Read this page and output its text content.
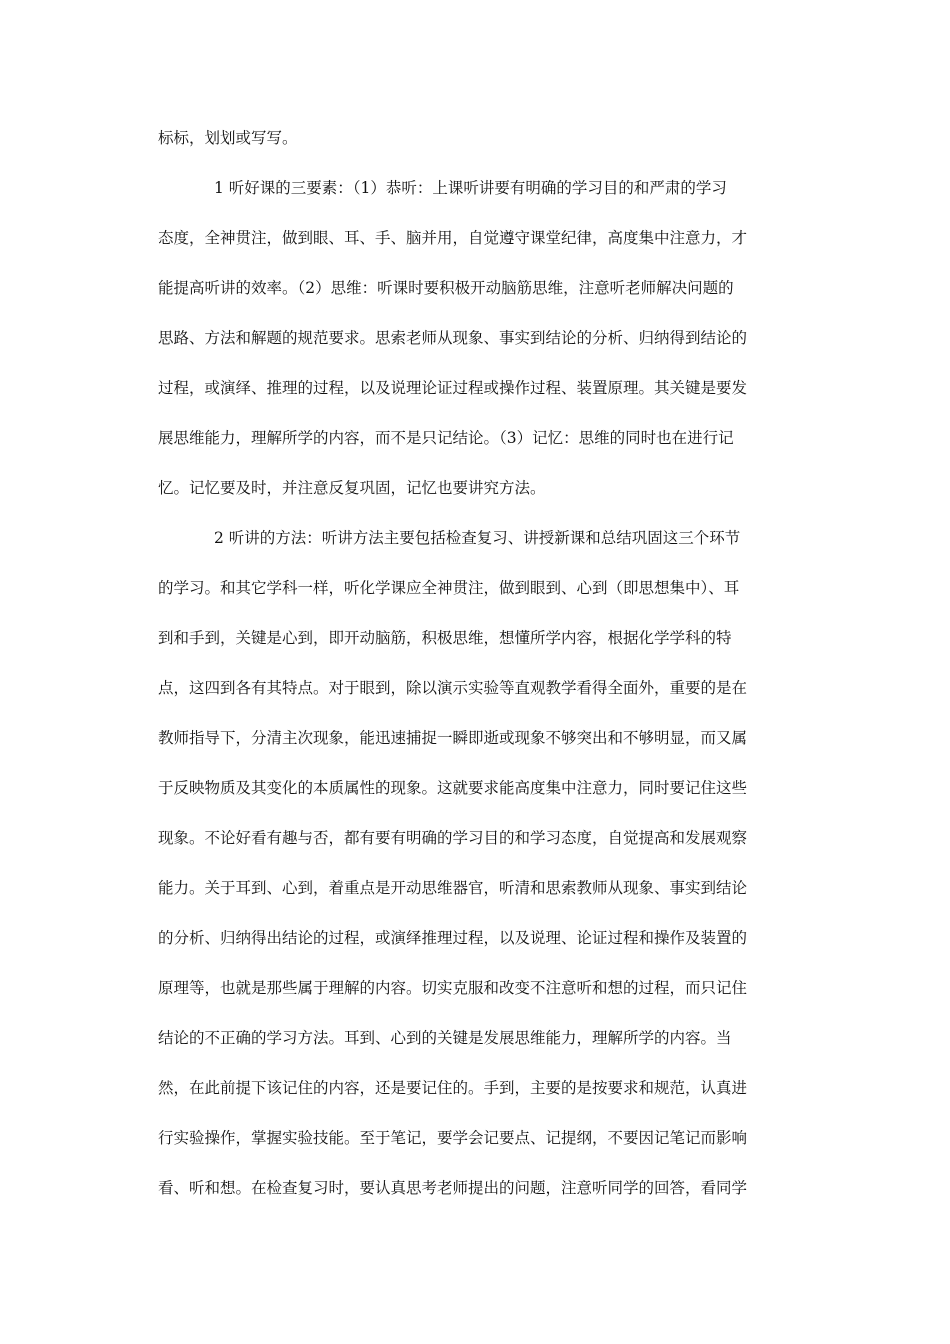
标标，划划或写写。
1 听好课的三要素：（1）恭听：上课听讲要有明确的学习目的和严肃的学习
态度，全神贯注，做到眼、耳、手、脑并用，自觉遵守课堂纪律，高度集中注意力，才
能提高听讲的效率。（2）思维：听课时要积极开动脑筋思维，注意听老师解决问题的
思路、方法和解题的规范要求。思索老师从现象、事实到结论的分析、归纳得到结论的
过程，或演绎、推理的过程，以及说理论证过程或操作过程、装置原理。其关键是要发
展思维能力，理解所学的内容，而不是只记结论。（3）记忆：思维的同时也在进行记
忆。记忆要及时，并注意反复巩固，记忆也要讲究方法。
2 听讲的方法：听讲方法主要包括检查复习、讲授新课和总结巩固这三个环节
的学习。和其它学科一样，听化学课应全神贯注，做到眼到、心到（即思想集中）、耳
到和手到，关键是心到，即开动脑筋，积极思维，想懂所学内容，根据化学学科的特
点，这四到各有其特点。对于眼到，除以演示实验等直观教学看得全面外，重要的是在
教师指导下，分清主次现象，能迅速捕捉一瞬即逝或现象不够突出和不够明显，而又属
于反映物质及其变化的本质属性的现象。这就要求能高度集中注意力，同时要记住这些
现象。不论好看有趣与否，都有要有明确的学习目的和学习态度，自觉提高和发展观察
能力。关于耳到、心到，着重点是开动思维器官，听清和思索教师从现象、事实到结论
的分析、归纳得出结论的过程，或演绎推理过程，以及说理、论证过程和操作及装置的
原理等，也就是那些属于理解的内容。切实克服和改变不注意听和想的过程，而只记住
结论的不正确的学习方法。耳到、心到的关键是发展思维能力，理解所学的内容。当
然，在此前提下该记住的内容，还是要记住的。手到，主要的是按要求和规范，认真进
行实验操作，掌握实验技能。至于笔记，要学会记要点、记提纲，不要因记笔记而影响
看、听和想。在检查复习时，要认真思考老师提出的问题，注意听同学的回答，看同学
